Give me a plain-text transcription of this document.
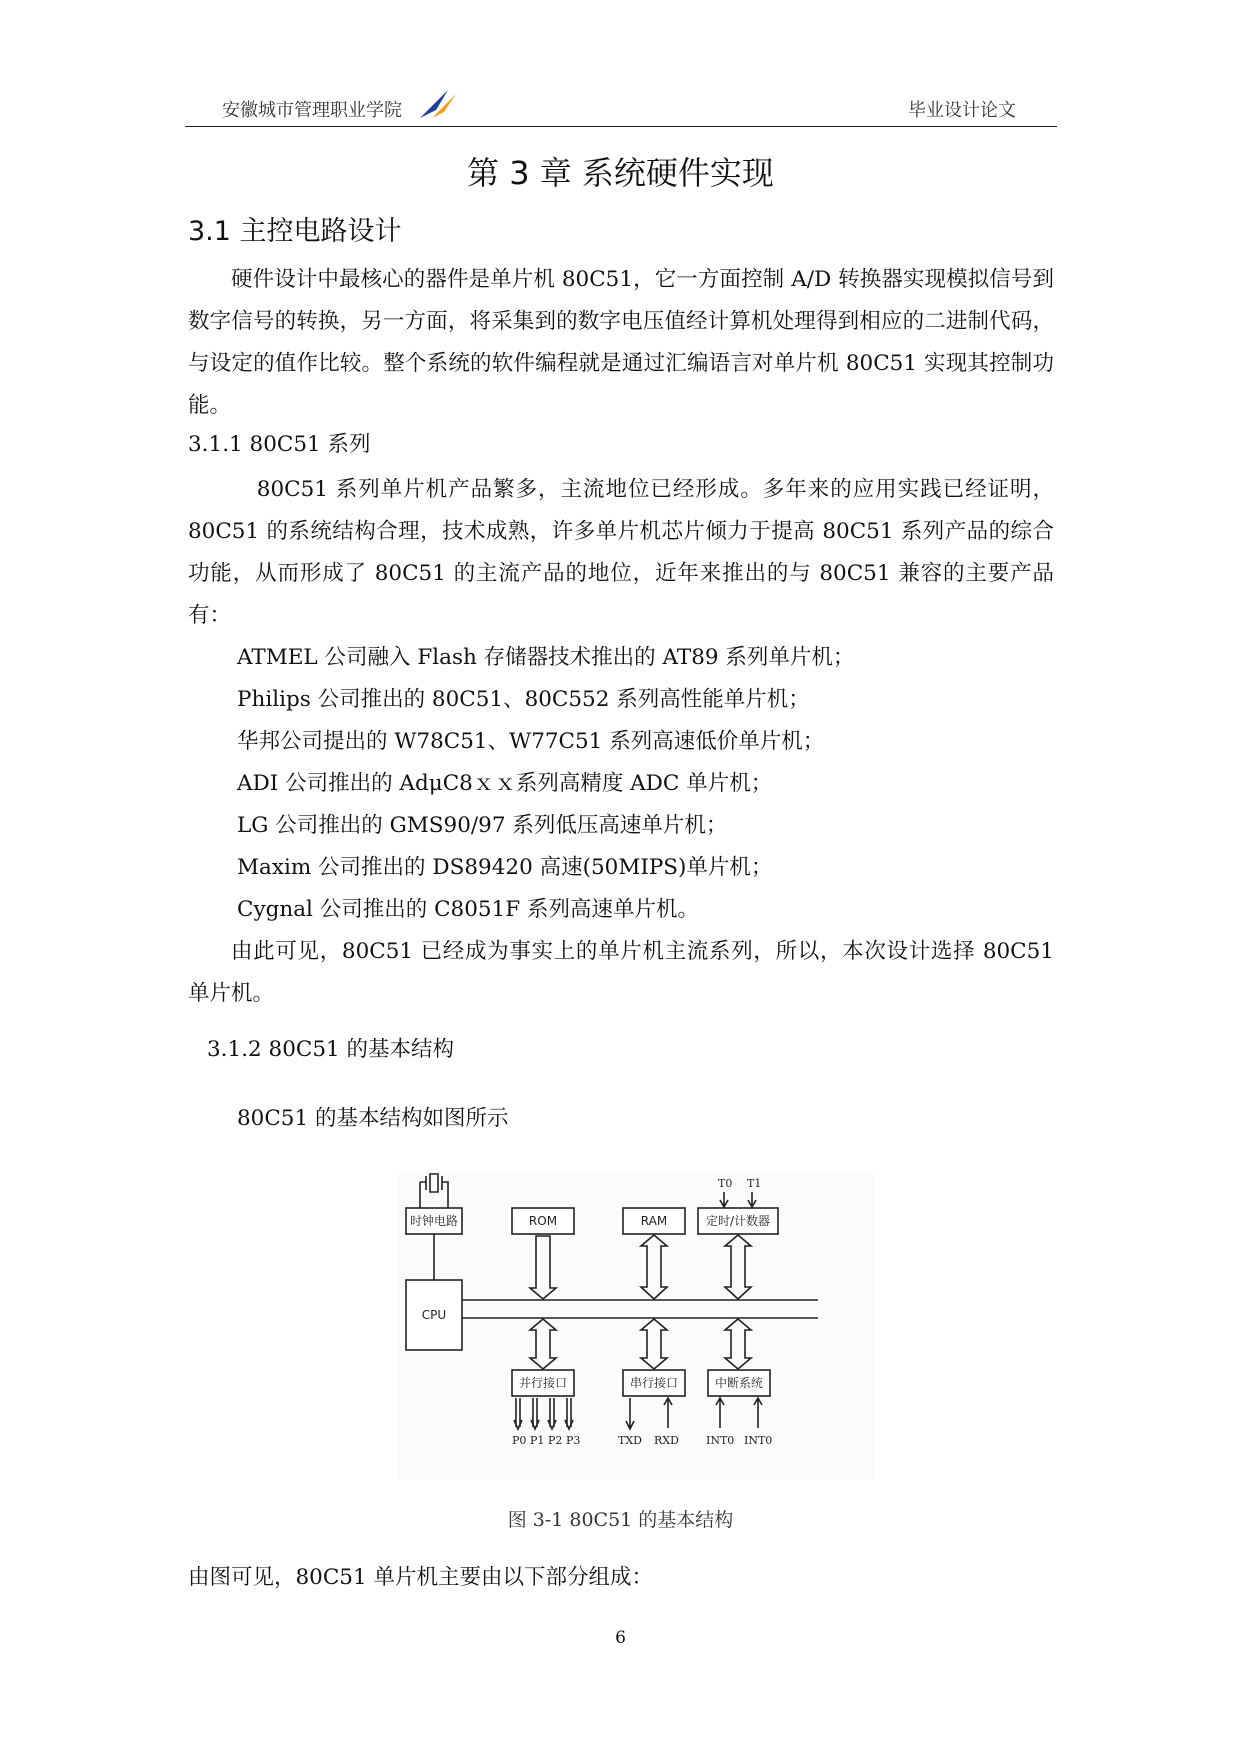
安徽城市管理职业学院	毕业设计论文
第 3 章 系统硬件实现
3.1 主控电路设计

硬件设计中最核心的器件是单片机 80C51，它一方面控制 A/D 转换器实现模拟信号到数字信号的转换，另一方面，将采集到的数字电压值经计算机处理得到相应的二进制代码，与设定的值作比较。整个系统的软件编程就是通过汇编语言对单片机 80C51 实现其控制功能。

3.1.1 80C51 系列

80C51 系列单片机产品繁多，主流地位已经形成。多年来的应用实践已经证明，80C51 的系统结构合理，技术成熟，许多单片机芯片倾力于提高 80C51 系列产品的综合功能，从而形成了 80C51 的主流产品的地位，近年来推出的与 80C51 兼容的主要产品有：

ATMEL 公司融入 Flash 存储器技术推出的 AT89 系列单片机；
Philips 公司推出的 80C51、80C552 系列高性能单片机；
华邦公司提出的 W78C51、W77C51 系列高速低价单片机；
ADI 公司推出的 AdμC8ｘｘ系列高精度 ADC 单片机；
LG 公司推出的 GMS90/97 系列低压高速单片机；
Maxim 公司推出的 DS89420 高速(50MIPS)单片机；
Cygnal 公司推出的 C8051F 系列高速单片机。

由此可见，80C51 已经成为事实上的单片机主流系列，所以，本次设计选择 80C51 单片机。

3.1.2 80C51 的基本结构
80C51 的基本结构如图所示
时钟电路	ROM	RAM	定时/计数器
CPU
并行接口	串行接口	中断系统
T0 T1
P0 P1 P2 P3	TXD RXD INT0 INT0
图 3-1 80C51 的基本结构
由图可见，80C51 单片机主要由以下部分组成：
6
